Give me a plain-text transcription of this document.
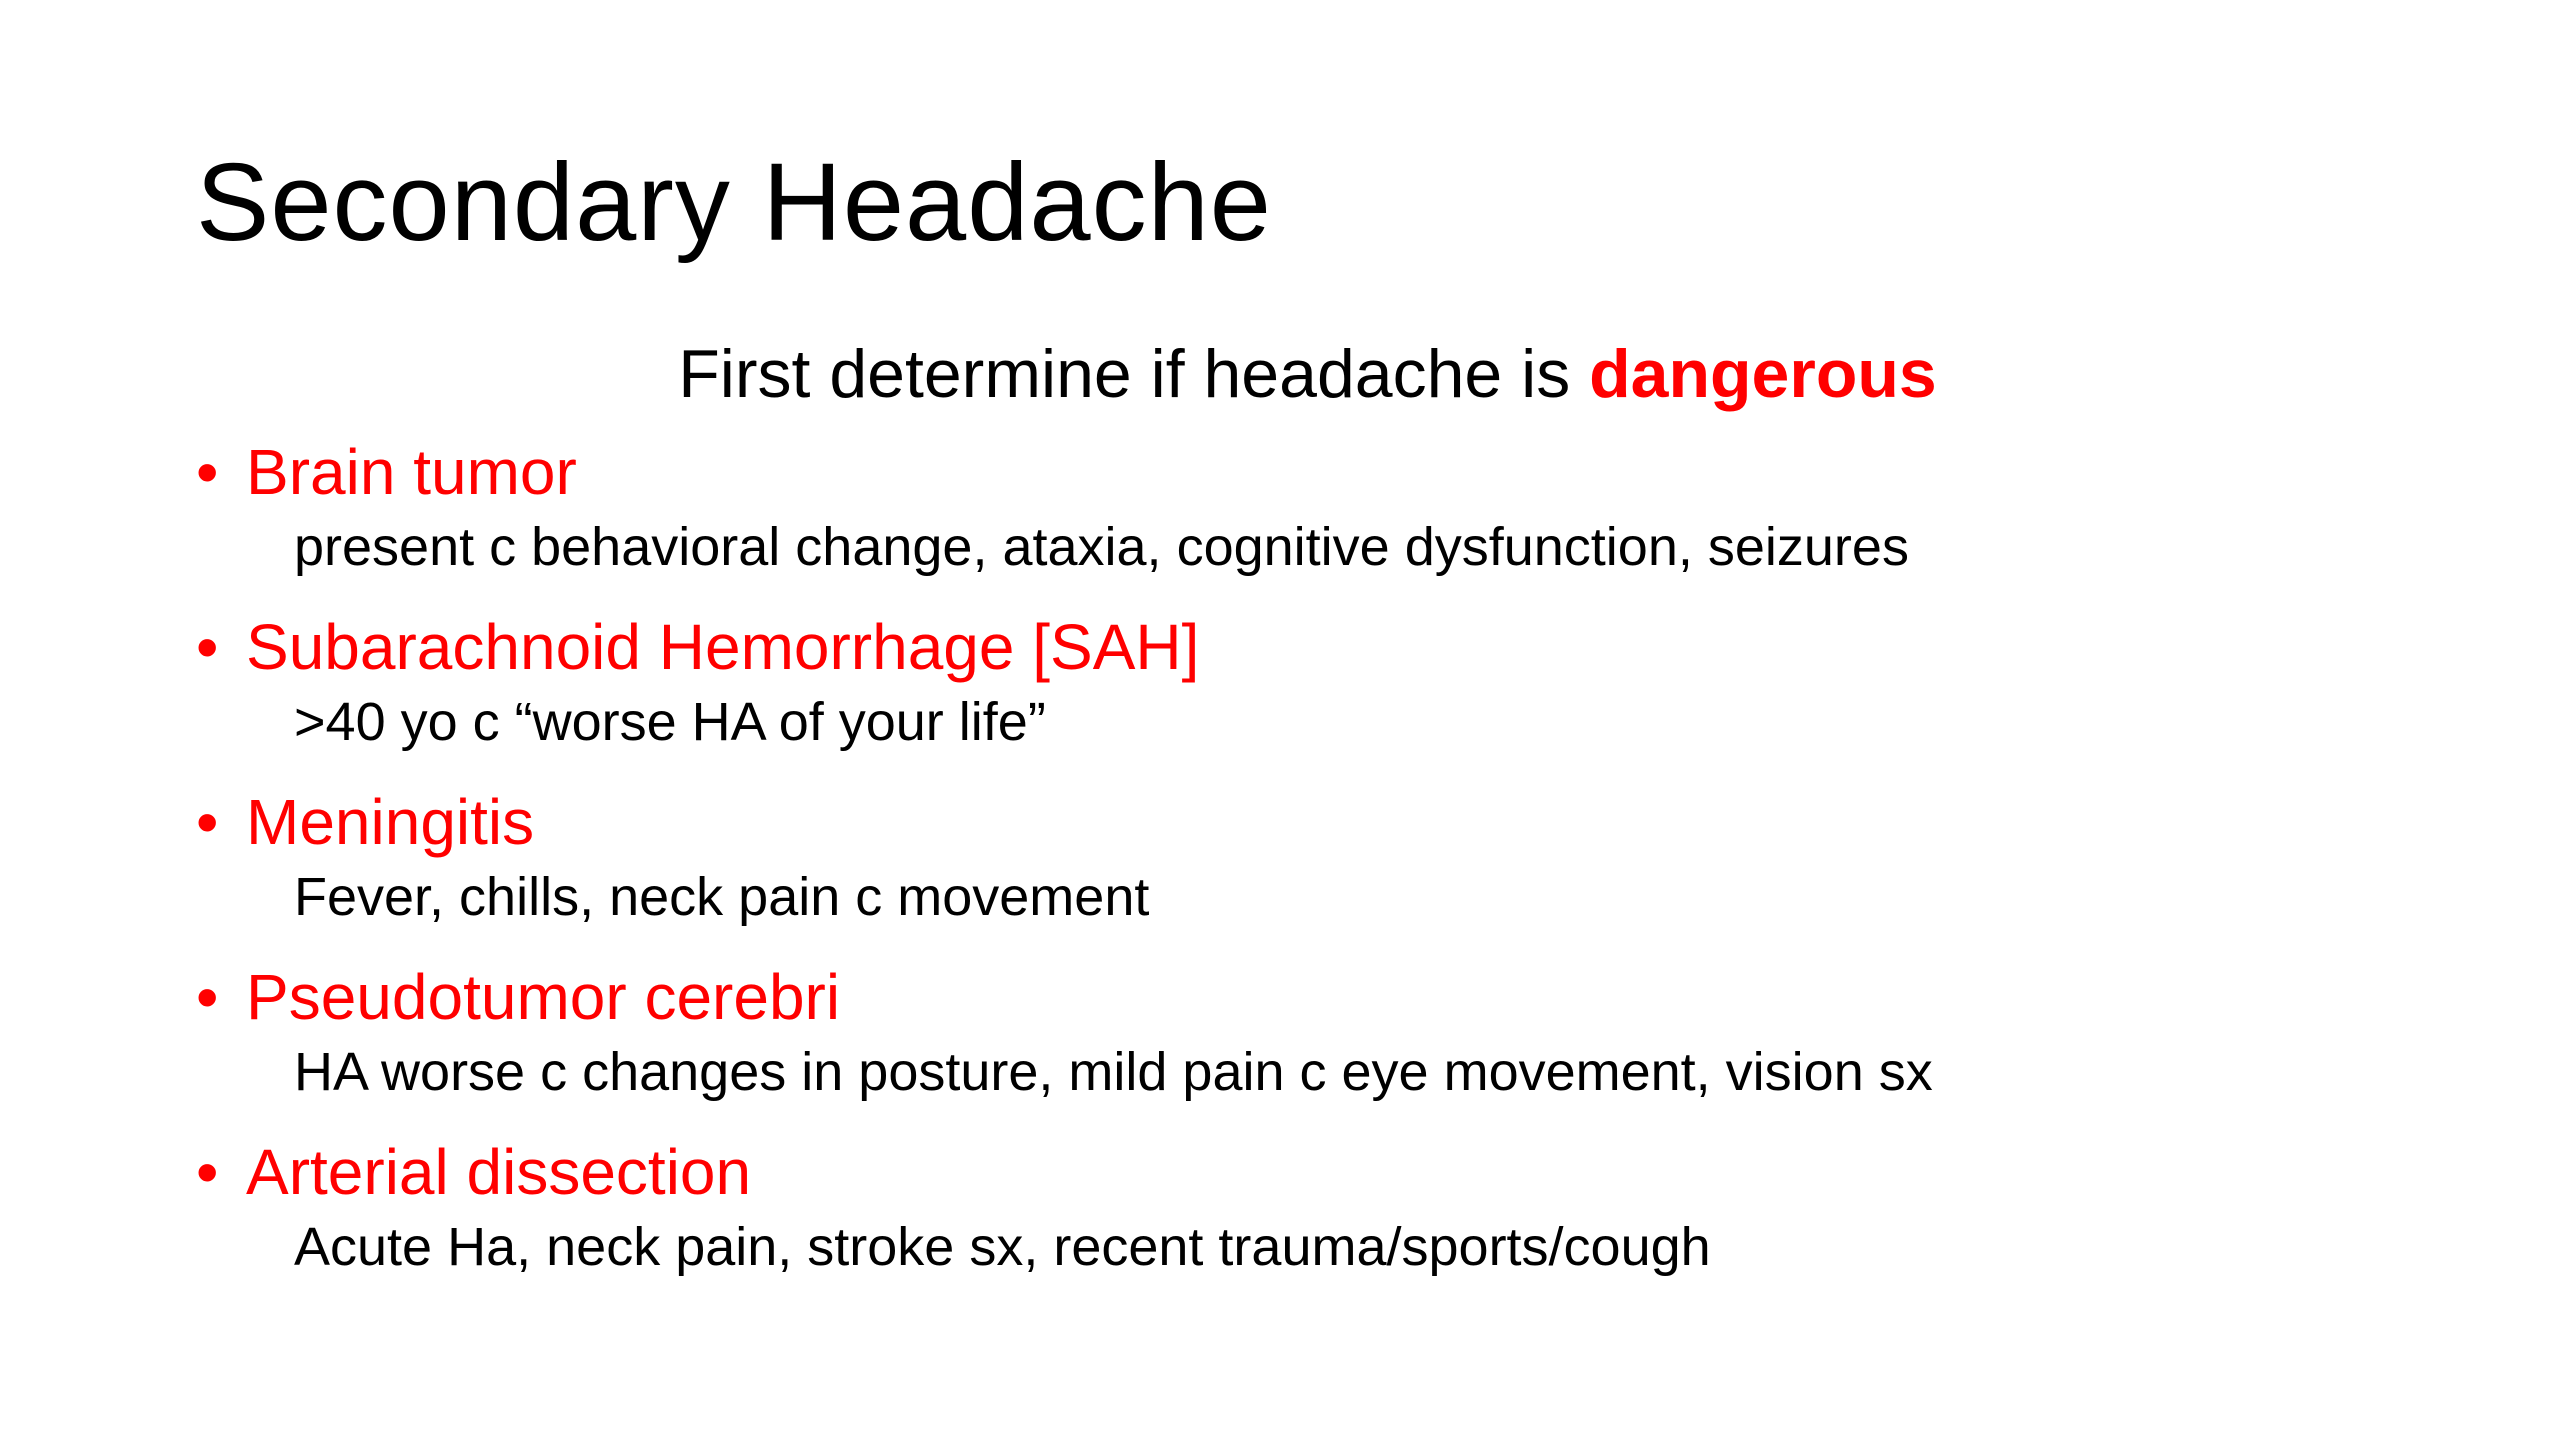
Secondary Headache
First determine if headache is dangerous
• Brain tumor
present c behavioral change, ataxia, cognitive dysfunction, seizures
• Subarachnoid Hemorrhage [SAH]
>40 yo c “worse HA of your life”
• Meningitis
Fever, chills, neck pain c movement
• Pseudotumor cerebri
HA worse c changes in posture, mild pain c eye movement, vision sx
• Arterial dissection
Acute Ha, neck pain, stroke sx, recent trauma/sports/cough
